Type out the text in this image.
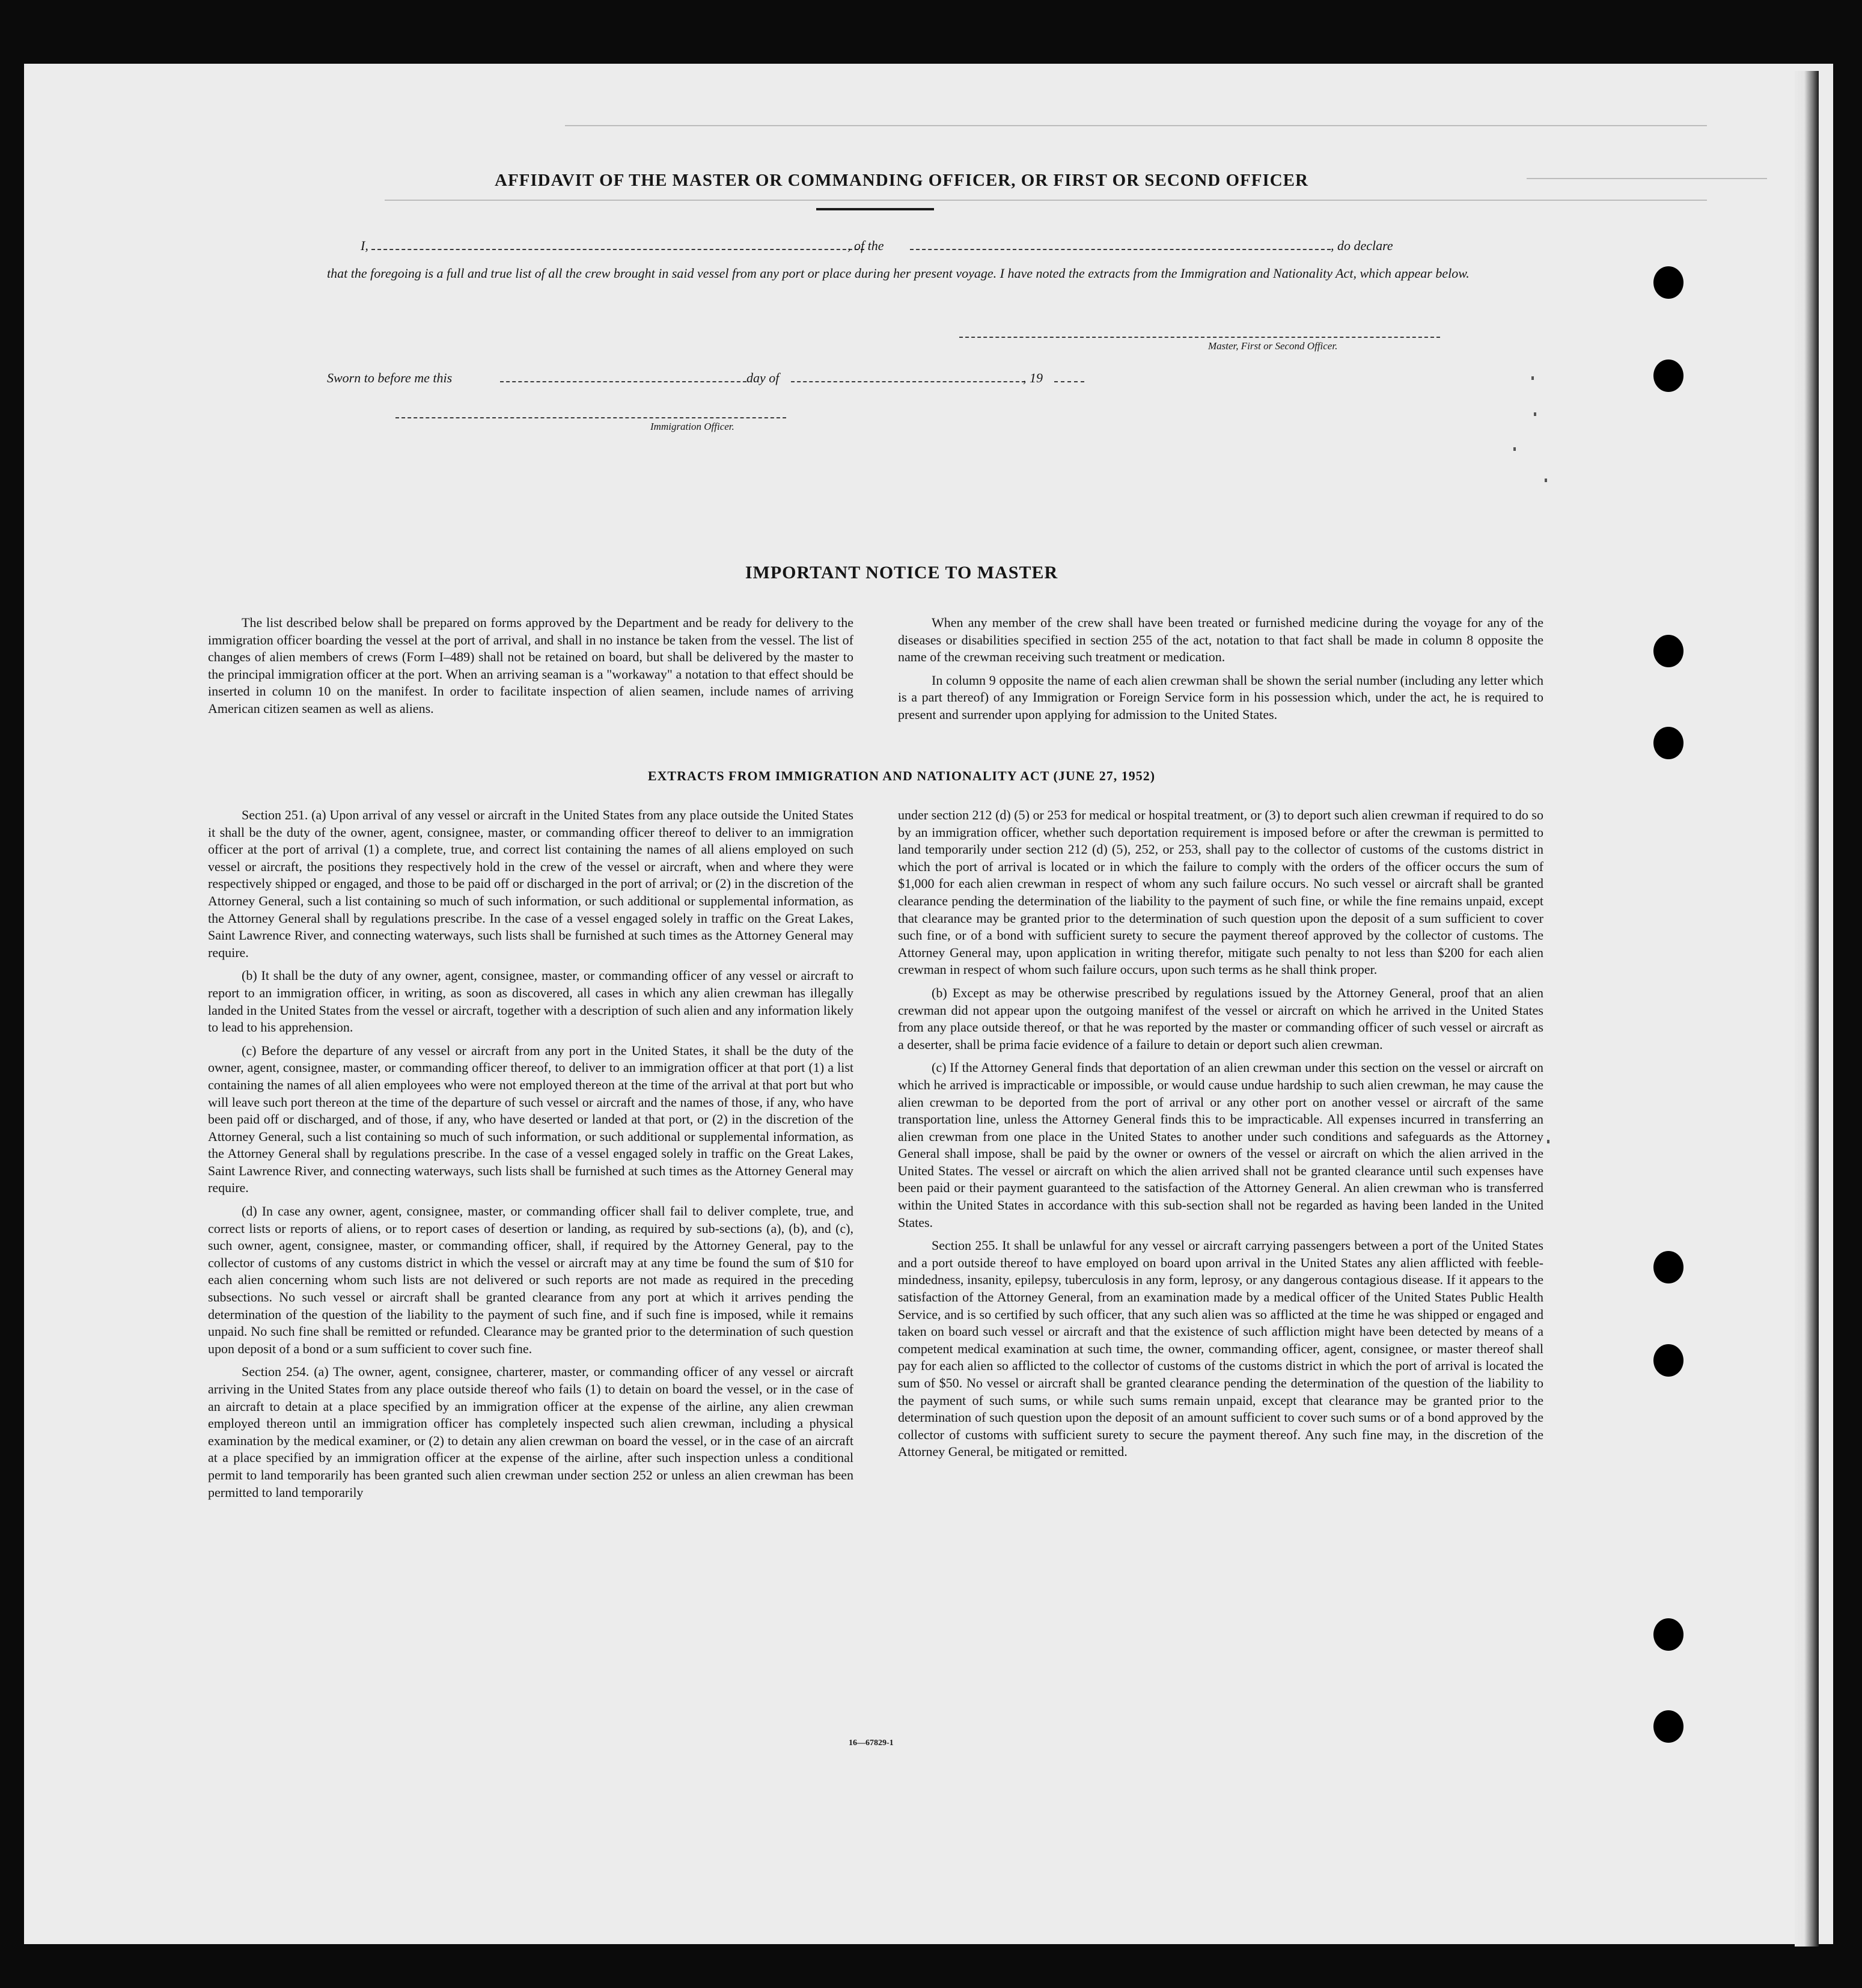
AFFIDAVIT OF THE MASTER OR COMMANDING OFFICER, OR FIRST OR SECOND OFFICER
I,	, of the	, do declare
that the foregoing is a full and true list of all the crew brought in said vessel from any port or place during her present voyage. I have noted the extracts from the Immigration and Nationality Act, which appear below.
Master, First or Second Officer.
Sworn to before me this	day of	, 19
Immigration Officer.
IMPORTANT NOTICE TO MASTER

The list described below shall be prepared on forms approved by the Department and be ready for delivery to the immigration officer boarding the vessel at the port of arrival, and shall in no instance be taken from the vessel. The list of changes of alien members of crews (Form I–489) shall not be retained on board, but shall be delivered by the master to the principal immigration officer at the port. When an arriving seaman is a "workaway" a notation to that effect should be inserted in column 10 on the manifest. In order to facilitate inspection of alien seamen, include names of arriving American citizen seamen as well as aliens.

When any member of the crew shall have been treated or furnished medicine during the voyage for any of the diseases or disabilities specified in section 255 of the act, notation to that fact shall be made in column 8 opposite the name of the crewman receiving such treatment or medication.

In column 9 opposite the name of each alien crewman shall be shown the serial number (including any letter which is a part thereof) of any Immigration or Foreign Service form in his possession which, under the act, he is required to present and surrender upon applying for admission to the United States.

EXTRACTS FROM IMMIGRATION AND NATIONALITY ACT (JUNE 27, 1952)

Section 251. (a) Upon arrival of any vessel or aircraft in the United States from any place outside the United States it shall be the duty of the owner, agent, consignee, master, or commanding officer thereof to deliver to an immigration officer at the port of arrival (1) a complete, true, and correct list containing the names of all aliens employed on such vessel or aircraft, the positions they respectively hold in the crew of the vessel or aircraft, when and where they were respectively shipped or engaged, and those to be paid off or discharged in the port of arrival; or (2) in the discretion of the Attorney General, such a list containing so much of such information, or such additional or supplemental information, as the Attorney General shall by regulations prescribe. In the case of a vessel engaged solely in traffic on the Great Lakes, Saint Lawrence River, and connecting waterways, such lists shall be furnished at such times as the Attorney General may require.

(b) It shall be the duty of any owner, agent, consignee, master, or commanding officer of any vessel or aircraft to report to an immigration officer, in writing, as soon as discovered, all cases in which any alien crewman has illegally landed in the United States from the vessel or aircraft, together with a description of such alien and any information likely to lead to his apprehension.

(c) Before the departure of any vessel or aircraft from any port in the United States, it shall be the duty of the owner, agent, consignee, master, or commanding officer thereof, to deliver to an immigration officer at that port (1) a list containing the names of all alien employees who were not employed thereon at the time of the arrival at that port but who will leave such port thereon at the time of the departure of such vessel or aircraft and the names of those, if any, who have been paid off or discharged, and of those, if any, who have deserted or landed at that port, or (2) in the discretion of the Attorney General, such a list containing so much of such information, or such additional or supplemental information, as the Attorney General shall by regulations prescribe. In the case of a vessel engaged solely in traffic on the Great Lakes, Saint Lawrence River, and connecting waterways, such lists shall be furnished at such times as the Attorney General may require.

(d) In case any owner, agent, consignee, master, or commanding officer shall fail to deliver complete, true, and correct lists or reports of aliens, or to report cases of desertion or landing, as required by sub-sections (a), (b), and (c), such owner, agent, consignee, master, or commanding officer, shall, if required by the Attorney General, pay to the collector of customs of any customs district in which the vessel or aircraft may at any time be found the sum of $10 for each alien concerning whom such lists are not delivered or such reports are not made as required in the preceding subsections. No such vessel or aircraft shall be granted clearance from any port at which it arrives pending the determination of the question of the liability to the payment of such fine, and if such fine is imposed, while it remains unpaid. No such fine shall be remitted or refunded. Clearance may be granted prior to the determination of such question upon deposit of a bond or a sum sufficient to cover such fine.

Section 254. (a) The owner, agent, consignee, charterer, master, or commanding officer of any vessel or aircraft arriving in the United States from any place outside thereof who fails (1) to detain on board the vessel, or in the case of an aircraft to detain at a place specified by an immigration officer at the expense of the airline, any alien crewman employed thereon until an immigration officer has completely inspected such alien crewman, including a physical examination by the medical examiner, or (2) to detain any alien crewman on board the vessel, or in the case of an aircraft at a place specified by an immigration officer at the expense of the airline, after such inspection unless a conditional permit to land temporarily has been granted such alien crewman under section 252 or unless an alien crewman has been permitted to land temporarily

under section 212 (d) (5) or 253 for medical or hospital treatment, or (3) to deport such alien crewman if required to do so by an immigration officer, whether such deportation requirement is imposed before or after the crewman is permitted to land temporarily under section 212 (d) (5), 252, or 253, shall pay to the collector of customs of the customs district in which the port of arrival is located or in which the failure to comply with the orders of the officer occurs the sum of $1,000 for each alien crewman in respect of whom any such failure occurs. No such vessel or aircraft shall be granted clearance pending the determination of the liability to the payment of such fine, or while the fine remains unpaid, except that clearance may be granted prior to the determination of such question upon the deposit of a sum sufficient to cover such fine, or of a bond with sufficient surety to secure the payment thereof approved by the collector of customs. The Attorney General may, upon application in writing therefor, mitigate such penalty to not less than $200 for each alien crewman in respect of whom such failure occurs, upon such terms as he shall think proper.

(b) Except as may be otherwise prescribed by regulations issued by the Attorney General, proof that an alien crewman did not appear upon the outgoing manifest of the vessel or aircraft on which he arrived in the United States from any place outside thereof, or that he was reported by the master or commanding officer of such vessel or aircraft as a deserter, shall be prima facie evidence of a failure to detain or deport such alien crewman.

(c) If the Attorney General finds that deportation of an alien crewman under this section on the vessel or aircraft on which he arrived is impracticable or impossible, or would cause undue hardship to such alien crewman, he may cause the alien crewman to be deported from the port of arrival or any other port on another vessel or aircraft of the same transportation line, unless the Attorney General finds this to be impracticable. All expenses incurred in transferring an alien crewman from one place in the United States to another under such conditions and safeguards as the Attorney General shall impose, shall be paid by the owner or owners of the vessel or aircraft on which the alien arrived in the United States. The vessel or aircraft on which the alien arrived shall not be granted clearance until such expenses have been paid or their payment guaranteed to the satisfaction of the Attorney General. An alien crewman who is transferred within the United States in accordance with this sub-section shall not be regarded as having been landed in the United States.

Section 255. It shall be unlawful for any vessel or aircraft carrying passengers between a port of the United States and a port outside thereof to have employed on board upon arrival in the United States any alien afflicted with feeble-mindedness, insanity, epilepsy, tuberculosis in any form, leprosy, or any dangerous contagious disease. If it appears to the satisfaction of the Attorney General, from an examination made by a medical officer of the United States Public Health Service, and is so certified by such officer, that any such alien was so afflicted at the time he was shipped or engaged and taken on board such vessel or aircraft and that the existence of such affliction might have been detected by means of a competent medical examination at such time, the owner, commanding officer, agent, consignee, or master thereof shall pay for each alien so afflicted to the collector of customs of the customs district in which the port of arrival is located the sum of $50. No vessel or aircraft shall be granted clearance pending the determination of the question of the liability to the payment of such sums, or while such sums remain unpaid, except that clearance may be granted prior to the determination of such question upon the deposit of an amount sufficient to cover such sums or of a bond approved by the collector of customs with sufficient surety to secure the payment thereof. Any such fine may, in the discretion of the Attorney General, be mitigated or remitted.

16—67829-1
